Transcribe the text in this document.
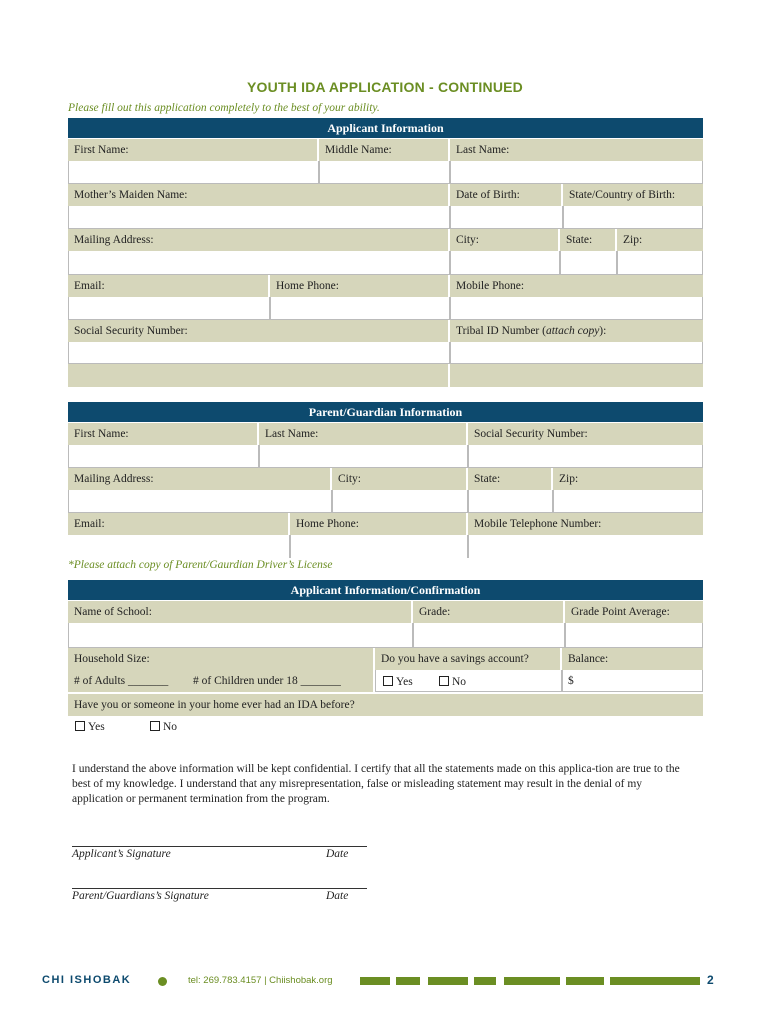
YOUTH IDA APPLICATION - CONTINUED
Please fill out this application completely to the best of your ability.
Applicant Information
First Name:	Middle Name:	Last Name:
Mother’s Maiden Name:	Date of Birth:	State/Country of Birth:
Mailing Address:	City:	State:	Zip:
Email:	Home Phone:	Mobile Phone:
Social Security Number:	Tribal ID Number (attach copy):
Parent/Guardian Information
First Name:	Last Name:	Social Security Number:
Mailing Address:	City:	State:	Zip:
Email:	Home Phone:	Mobile Telephone Number:
*Please attach copy of Parent/Gaurdian Driver’s License
Applicant Information/Confirmation
Name of School:	Grade:	Grade Point Average:
Household Size:	Do you have a savings account?	Balance:
# of Adults _______ # of Children under 18 _______	Yes	No	$
Have you or someone in your home ever had an IDA before?
Yes	No
I understand the above information will be kept confidential. I certify that all the statements made on this applica-tion are true to the best of my knowledge. I understand that any misrepresentation, false or misleading statement may result in the denial of my application or permanent termination from the program.
Applicant’s Signature	Date
Parent/Guardians’s Signature	Date
CHI ISHOBAK	tel: 269.783.4157 | Chiishobak.org	2
